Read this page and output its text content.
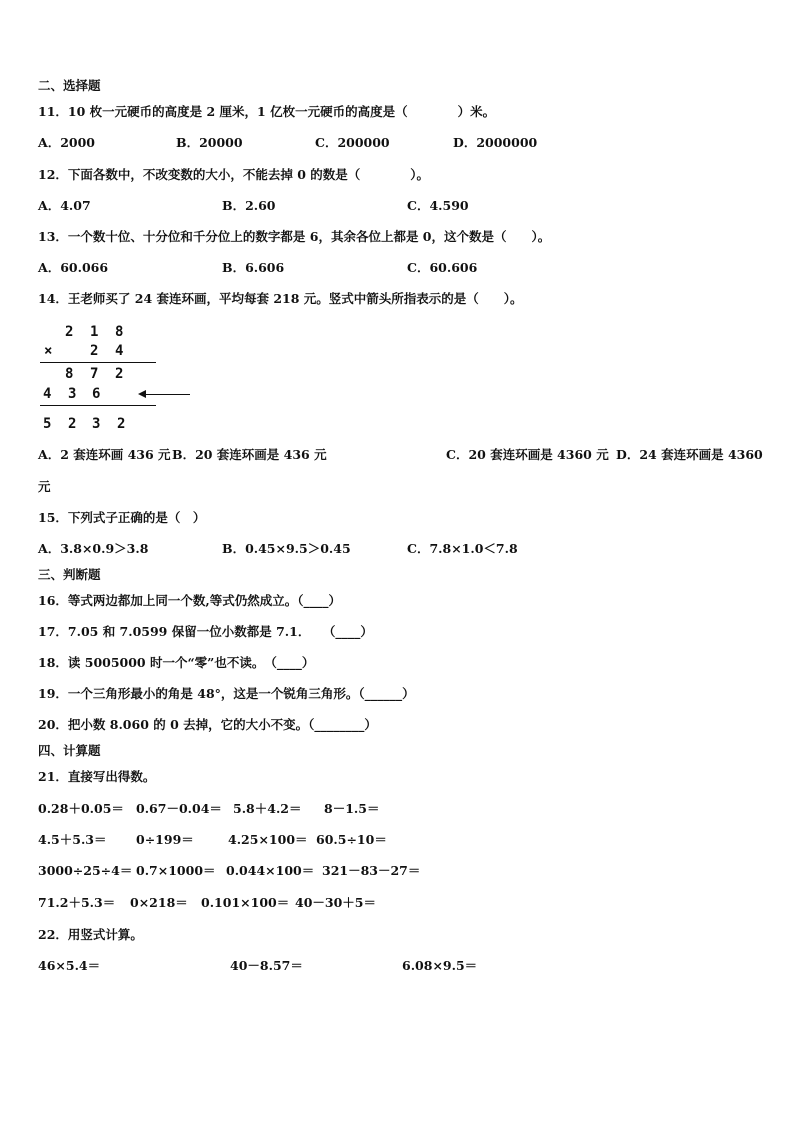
二、选择题
11．10 枚一元硬币的高度是 2 厘米，1 亿枚一元硬币的高度是（　　　　）米。
A．2000	B．20000	C．200000	D．2000000
12．下面各数中，不改变数的大小，不能去掉 0 的数是（　　　　）。
A．4.07	B．2.60	C．4.590
13．一个数十位、十分位和千分位上的数字都是 6，其余各位上都是 0，这个数是（　　）。
A．60.066	B．6.606	C．60.606
14．王老师买了 24 套连环画，平均每套 218 元。竖式中箭头所指表示的是（　　）。
2 1 8
×	2 4
8 7 2
4 3 6
5 2 3 2
A．2 套连环画 436 元 B．20 套连环画是 436 元	C．20 套连环画是 4360 元 D．24 套连环画是 4360
元
15．下列式子正确的是（　）
A．3.8×0.9＞3.8	B．0.45×9.5＞0.45	C．7.8×1.0＜7.8
三、判断题
16．等式两边都加上同一个数,等式仍然成立。（____）
17．7.05 和 7.0599 保留一位小数都是 7.1．　　（____）
18．读 5005000 时一个“零”也不读。　（____）
19．一个三角形最小的角是 48°，这是一个锐角三角形。（______）
20．把小数 8.060 的 0 去掉，它的大小不变。（________）
四、计算题
21．直接写出得数。
0.28＋0.05＝ 0.67－0.04＝ 5.8＋4.2＝ 8－1.5＝
4.5＋5.3＝ 0÷199＝	4.25×100＝ 60.5÷10＝
3000÷25÷4＝ 0.7×1000＝ 0.044×100＝ 321－83－27＝
71.2＋5.3＝ 0×218＝ 0.101×100＝ 40－30＋5＝
22．用竖式计算。
46×5.4＝	40－8.57＝	6.08×9.5＝
